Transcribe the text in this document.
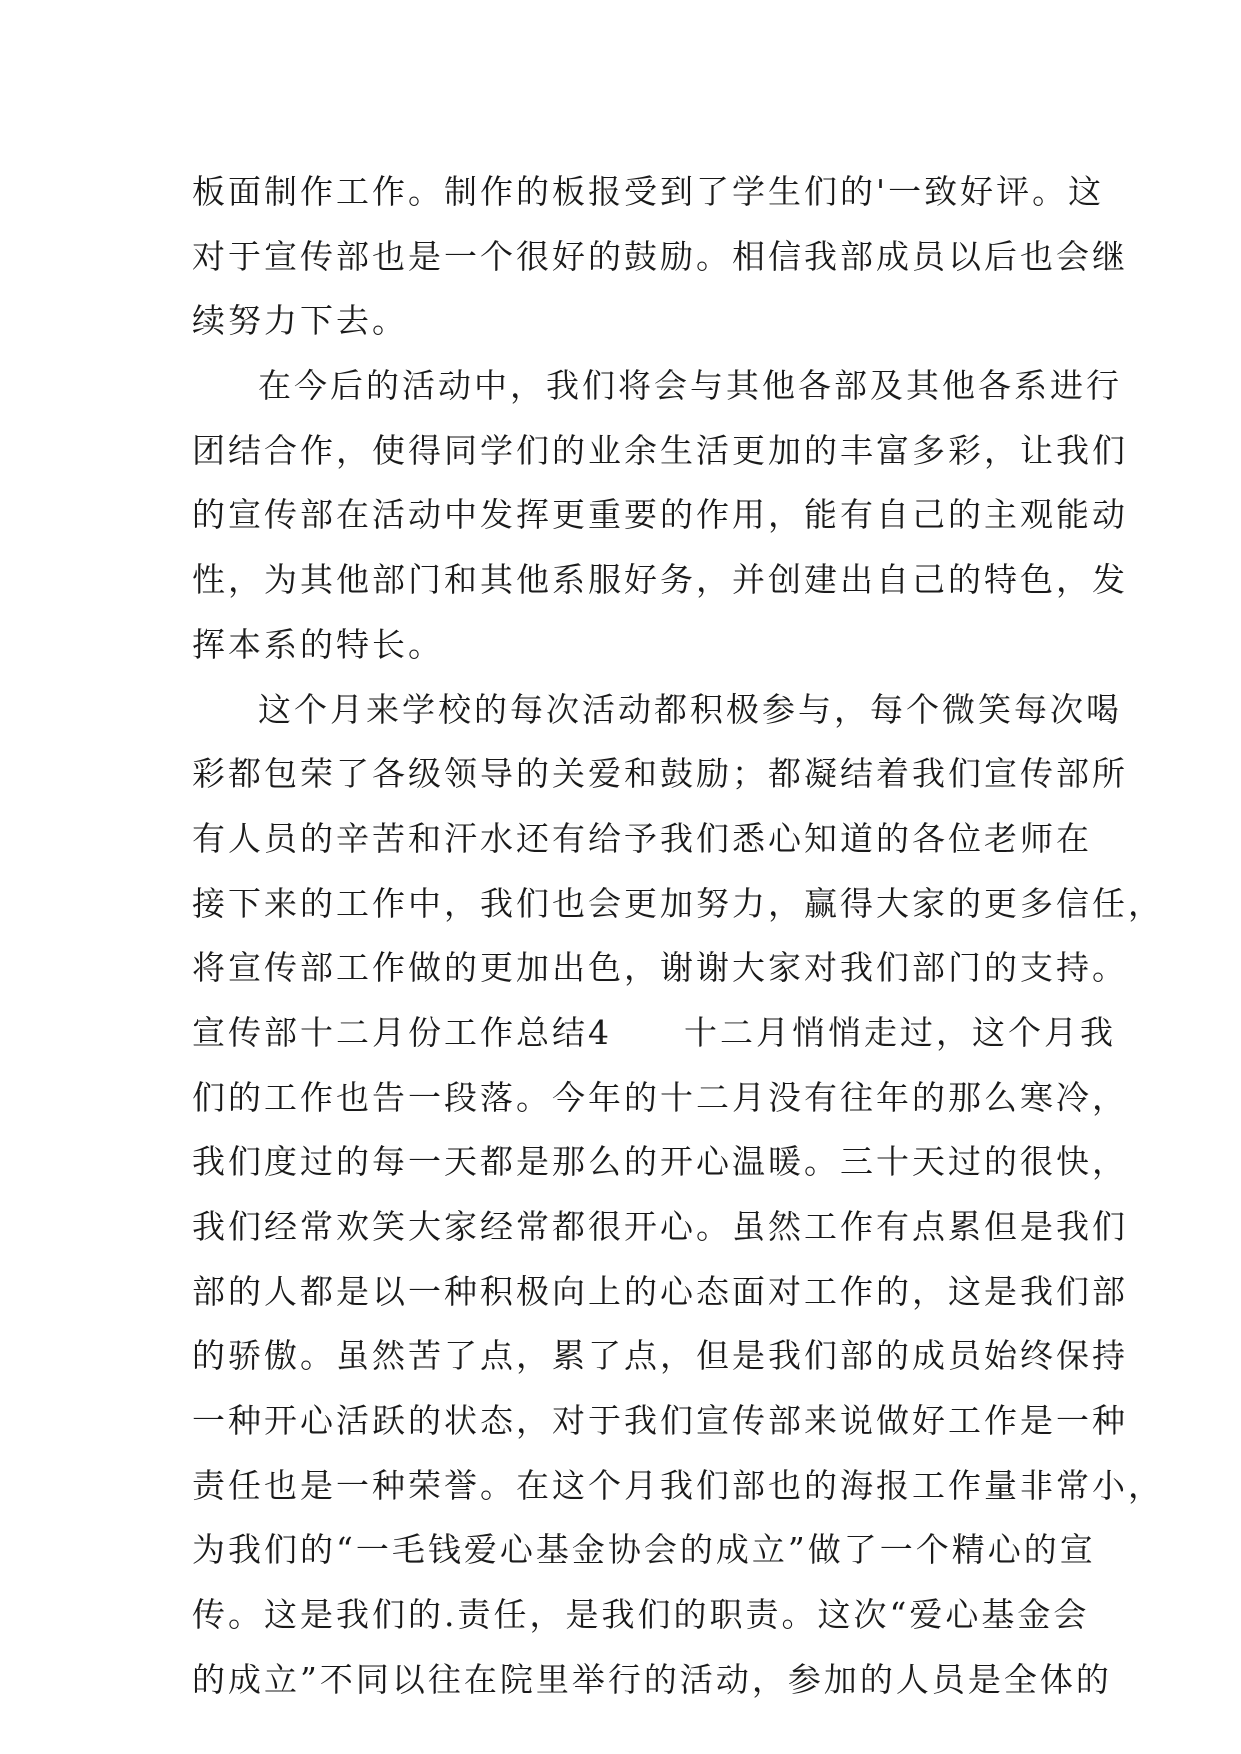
板面制作工作。制作的板报受到了学生们的'一致好评。这
对于宣传部也是一个很好的鼓励。相信我部成员以后也会继
续努力下去。
在今后的活动中，我们将会与其他各部及其他各系进行
团结合作，使得同学们的业余生活更加的丰富多彩，让我们
的宣传部在活动中发挥更重要的作用，能有自己的主观能动
性，为其他部门和其他系服好务，并创建出自己的特色，发
挥本系的特长。
这个月来学校的每次活动都积极参与，每个微笑每次喝
彩都包荣了各级领导的关爱和鼓励；都凝结着我们宣传部所
有人员的辛苦和汗水还有给予我们悉心知道的各位老师在
接下来的工作中，我们也会更加努力，赢得大家的更多信任，
将宣传部工作做的更加出色，谢谢大家对我们部门的支持。
宣传部十二月份工作总结4　　十二月悄悄走过，这个月我
们的工作也告一段落。今年的十二月没有往年的那么寒冷，
我们度过的每一天都是那么的开心温暖。三十天过的很快，
我们经常欢笑大家经常都很开心。虽然工作有点累但是我们
部的人都是以一种积极向上的心态面对工作的，这是我们部
的骄傲。虽然苦了点，累了点，但是我们部的成员始终保持
一种开心活跃的状态，对于我们宣传部来说做好工作是一种
责任也是一种荣誉。在这个月我们部也的海报工作量非常小，
为我们的“一毛钱爱心基金协会的成立”做了一个精心的宣
传。这是我们的.责任，是我们的职责。这次“爱心基金会
的成立”不同以往在院里举行的活动，参加的人员是全体的
